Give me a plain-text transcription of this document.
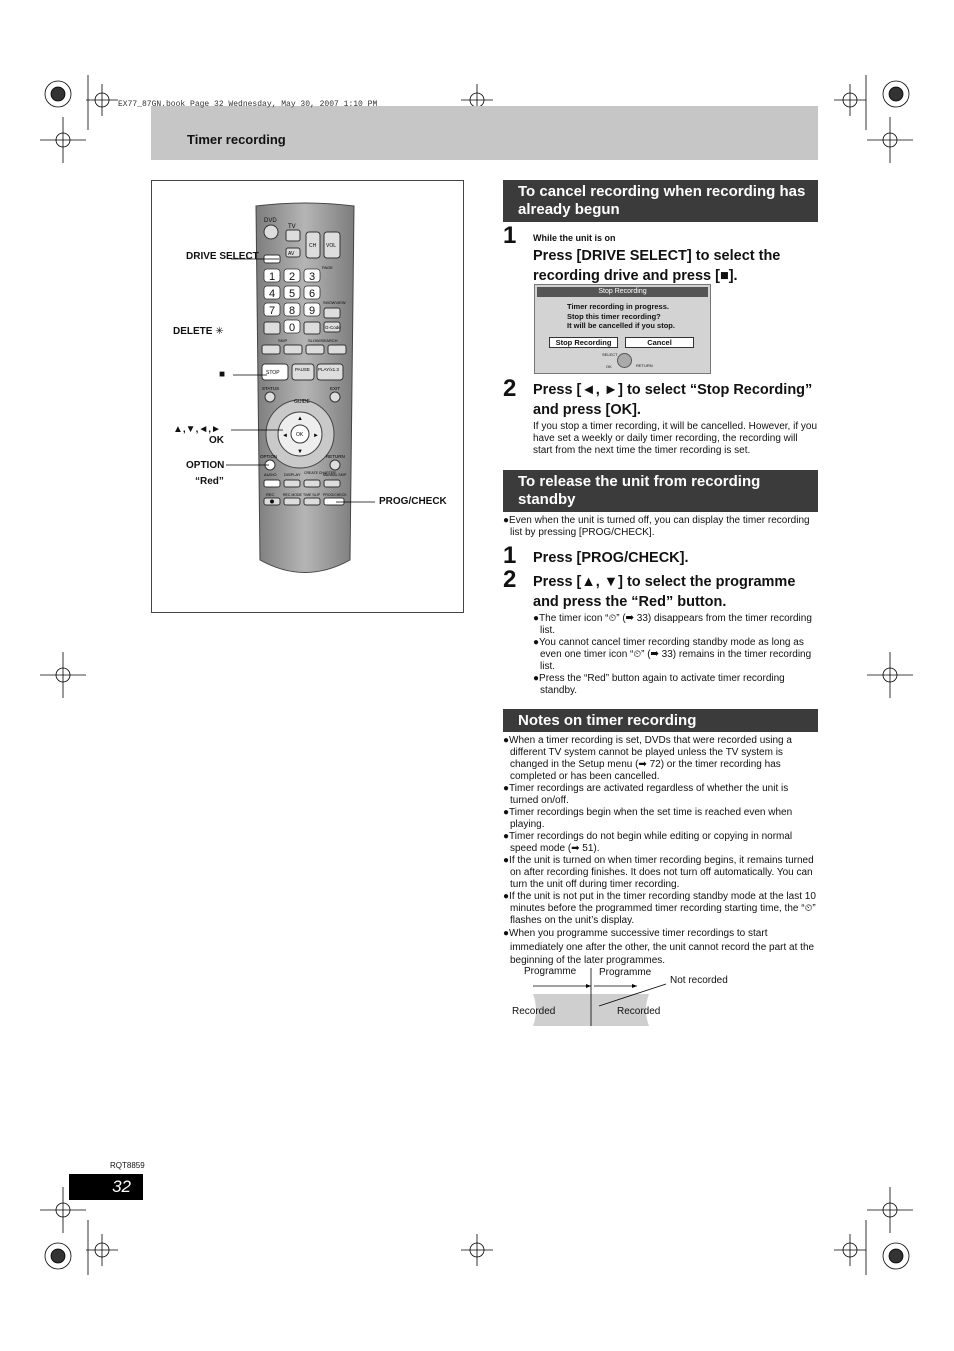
EX77_87GN.book Page 32 Wednesday, May 30, 2007 1:10 PM
Timer recording
DVD
TV
CH VOL
AV
PAGE
1 2 3
4 5 6
7 8 9
0
SHOWVIEW
G-Code
SKIP	SLOW/SEARCH
STOP
PAUSE PLAY/x1.3
STATUS	EXIT
GUIDE
OK
▲
▼
◄	►
OPTION	RETURN
AUDIO DISPLAY CREATE CHAPTER
MANUAL SKIP
REC REC MODE TIME SLIP PROG/CHECK
DRIVE SELECT
DELETE ✳
■
▲,▼,◄,►
OK
OPTION
“Red”
PROG/CHECK
To cancel recording when recording has already begun
1 While the unit is on
Press [DRIVE SELECT] to select the recording drive and press [■].
Stop Recording
Timer recording in progress.
Stop this timer recording?
It will be cancelled if you stop.
Stop Recording	Cancel
SELECT
OK	RETURN
2 Press [◄, ►] to select “Stop Recording” and press [OK].
If you stop a timer recording, it will be cancelled. However, if you have set a weekly or daily timer recording, the recording will start from the next time the timer recording is set.
To release the unit from recording standby
●Even when the unit is turned off, you can display the timer recording list by pressing [PROG/CHECK].
1 Press [PROG/CHECK].
2 Press [▲, ▼] to select the programme and press the “Red” button.
●The timer icon “⏲” (➡ 33) disappears from the timer recording list.
●You cannot cancel timer recording standby mode as long as even one timer icon “⏲” (➡ 33) remains in the timer recording list.
●Press the “Red” button again to activate timer recording standby.
Notes on timer recording
●When a timer recording is set, DVDs that were recorded using a different TV system cannot be played unless the TV system is changed in the Setup menu (➡ 72) or the timer recording has completed or has been cancelled.
●Timer recordings are activated regardless of whether the unit is turned on/off.
●Timer recordings begin when the set time is reached even when playing.
●Timer recordings do not begin while editing or copying in normal speed mode (➡ 51).
●If the unit is turned on when timer recording begins, it remains turned on after recording finishes. It does not turn off automatically. You can turn the unit off during timer recording.
●If the unit is not put in the timer recording standby mode at the last 10 minutes before the programmed timer recording starting time, the “⏲” flashes on the unit’s display.
●When you programme successive timer recordings to start immediately one after the other, the unit cannot record the part at the beginning of the later programmes.
Programme Programme
Not recorded
Recorded	Recorded
RQT8859
32
